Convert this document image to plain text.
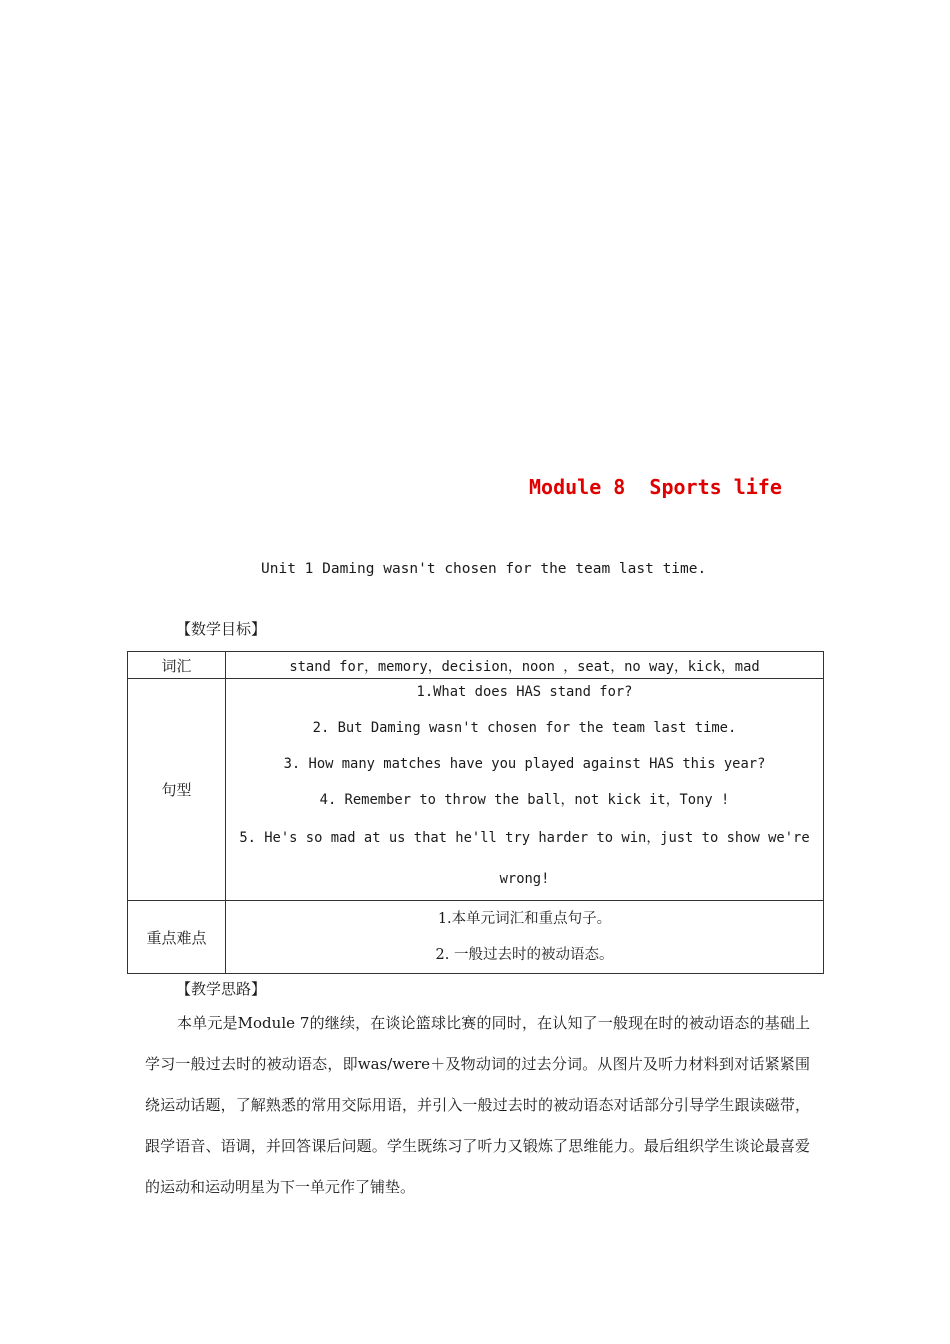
Module 8  Sports life
Unit 1 Daming wasn't chosen for the team last time.
【数学目标】
词汇	stand for，memory，decision，noon ，seat，no way，kick，mad
句型	1.What does HAS stand for?
2. But Daming wasn't chosen for the team last time.
3. How many matches have you played against HAS this year?
4. Remember to throw the ball，not kick it，Tony !
5. He's so mad at us that he'll try harder to win，just to show we're wrong!

重点难点	1.本单元词汇和重点句子。
2. 一般过去时的被动语态。
【教学思路】

本单元是Module 7的继续，在谈论篮球比赛的同时，在认知了一般现在时的被动语态的基础上学习一般过去时的被动语态，即was/were＋及物动词的过去分词。从图片及听力材料到对话紧紧围绕运动话题，了解熟悉的常用交际用语，并引入一般过去时的被动语态对话部分引导学生跟读磁带，跟学语音、语调，并回答课后问题。学生既练习了听力又锻炼了思维能力。最后组织学生谈论最喜爱的运动和运动明星为下一单元作了铺垫。
